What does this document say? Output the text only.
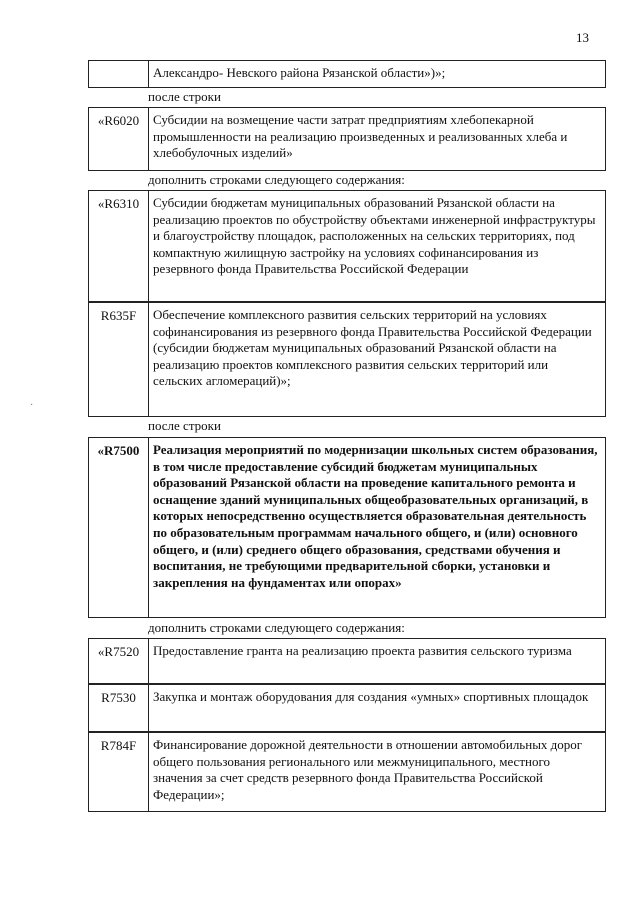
13
·
Александро- Невского района Рязанской области»)»;
после строки
«R6020	Субсидии на возмещение части затрат предприятиям хлебопекарной промышленности на реализацию произведенных и реализованных хлеба и хлебобулочных изделий»
дополнить строками следующего содержания:
«R6310	Субсидии бюджетам муниципальных образований Рязанской области на реализацию проектов по обустройству объектами инженерной инфраструктуры и благоустройству площадок, расположенных на сельских территориях, под компактную жилищную застройку на условиях софинансирования из резервного фонда Правительства Российской Федерации
R635F	Обеспечение комплексного развития сельских территорий на условиях софинансирования из резервного фонда Правительства Российской Федерации (субсидии бюджетам муниципальных образований Рязанской области на реализацию проектов комплексного развития сельских территорий или сельских агломераций)»;
после строки
«R7500	Реализация мероприятий по модернизации школьных систем образования, в том числе предоставление субсидий бюджетам муниципальных образований Рязанской области на проведение капитального ремонта и оснащение зданий муниципальных общеобразовательных организаций, в которых непосредственно осуществляется образовательная деятельность по образовательным программам начального общего, и (или) основного общего, и (или) среднего общего образования, средствами обучения и воспитания, не требующими предварительной сборки, установки и закрепления на фундаментах или опорах»
дополнить строками следующего содержания:
«R7520	Предоставление гранта на реализацию проекта развития сельского туризма
R7530	Закупка и монтаж оборудования для создания «умных» спортивных площадок
R784F	Финансирование дорожной деятельности в отношении автомобильных дорог общего пользования регионального или межмуниципального, местного значения за счет средств резервного фонда Правительства Российской Федерации»;
